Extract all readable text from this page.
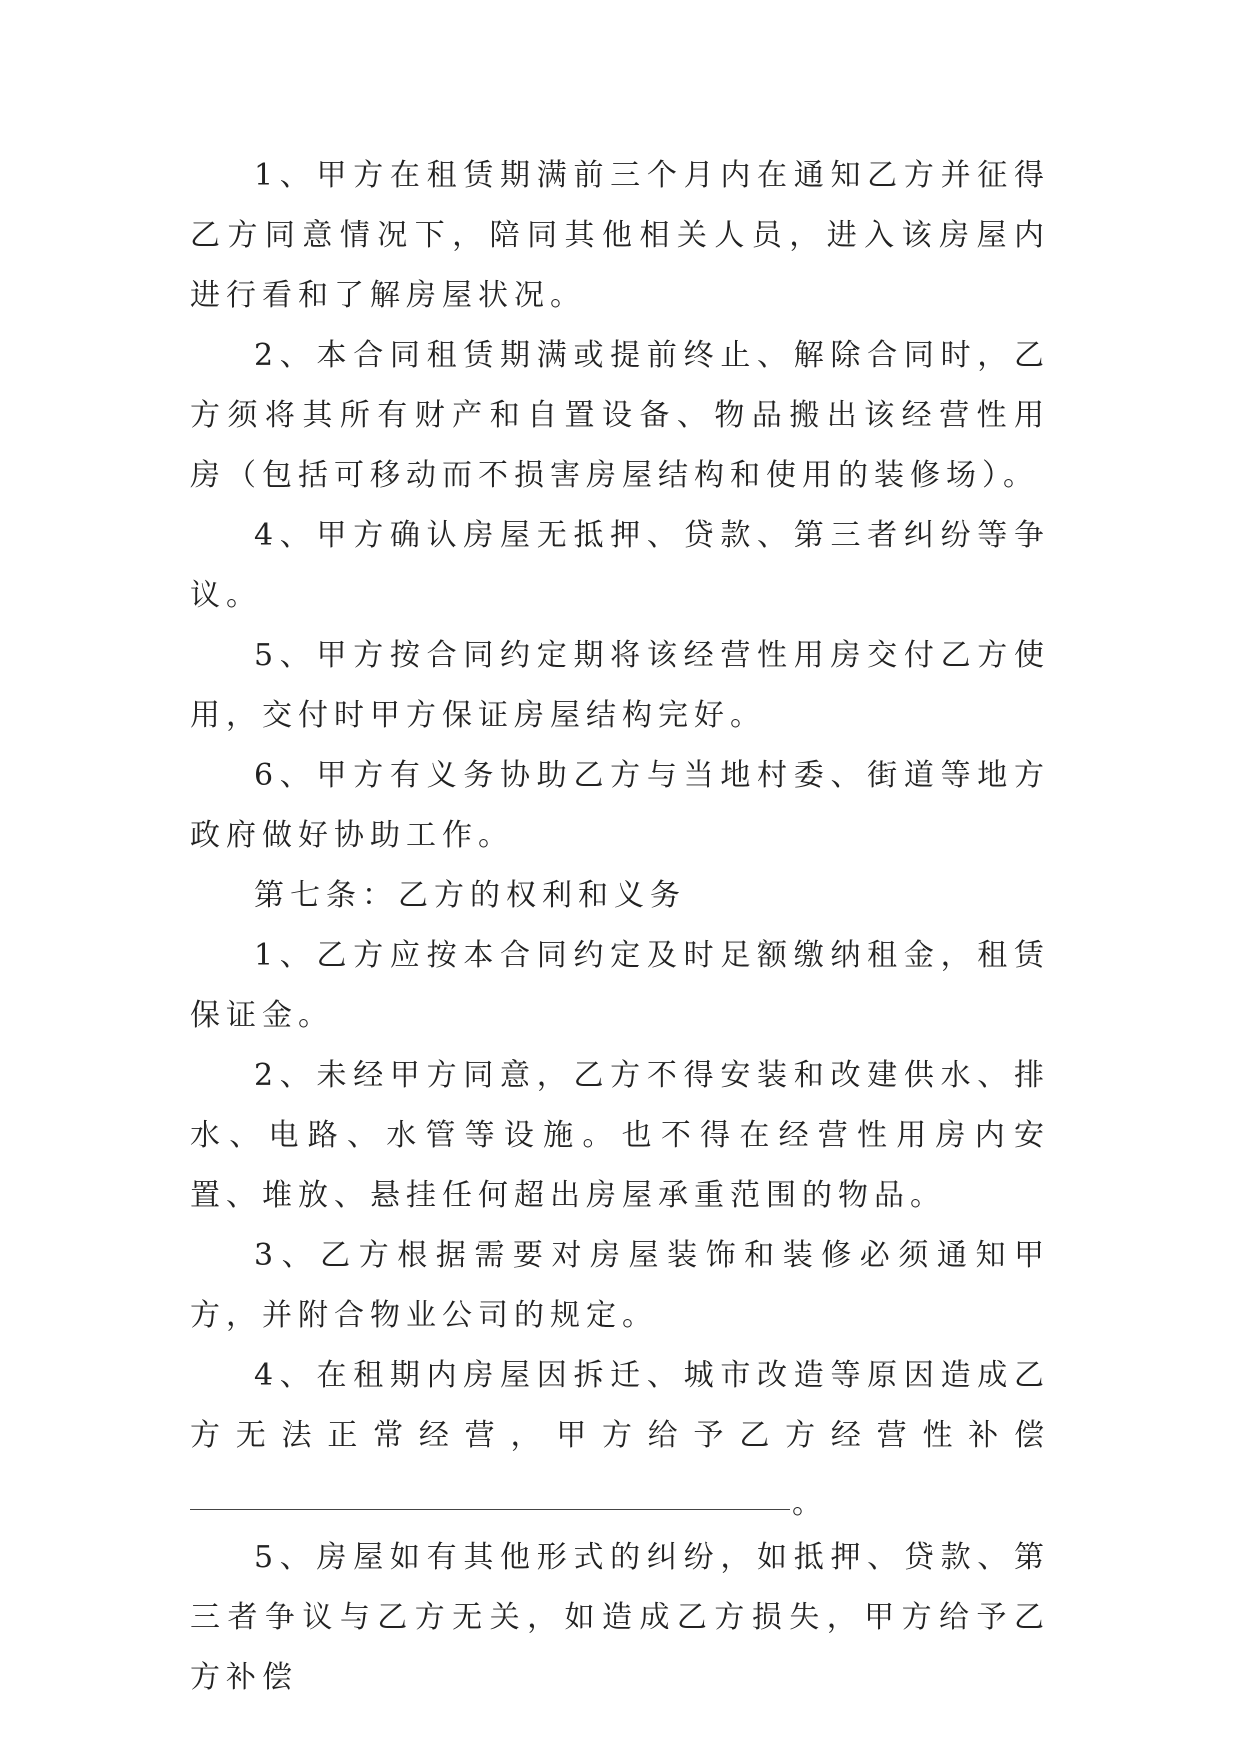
1、甲方在租赁期满前三个月内在通知乙方并征得乙方同意情况下，陪同其他相关人员，进入该房屋内进行看和了解房屋状况。

2、本合同租赁期满或提前终止、解除合同时，乙方须将其所有财产和自置设备、物品搬出该经营性用房（包括可移动而不损害房屋结构和使用的装修场）。

4、甲方确认房屋无抵押、贷款、第三者纠纷等争议。

5、甲方按合同约定期将该经营性用房交付乙方使用，交付时甲方保证房屋结构完好。

6、甲方有义务协助乙方与当地村委、街道等地方政府做好协助工作。

第七条：乙方的权利和义务

1、乙方应按本合同约定及时足额缴纳租金，租赁保证金。

2、未经甲方同意，乙方不得安装和改建供水、排水、电路、水管等设施。也不得在经营性用房内安置、堆放、悬挂任何超出房屋承重范围的物品。

3、乙方根据需要对房屋装饰和装修必须通知甲方，并附合物业公司的规定。

4、在租期内房屋因拆迁、城市改造等原因造成乙方无法正常经营，甲方给予乙方经营性补偿

。

5、房屋如有其他形式的纠纷，如抵押、贷款、第三者争议与乙方无关，如造成乙方损失，甲方给予乙方补偿
